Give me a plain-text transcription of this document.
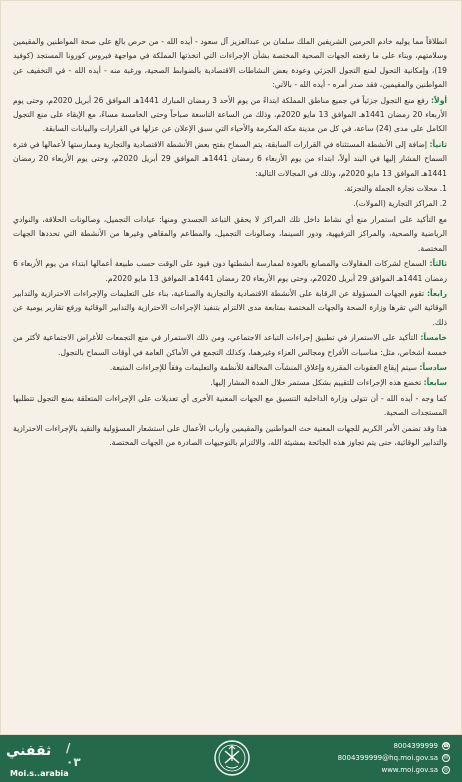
انطلاقاً مما يوليه خادم الحرمين الشريفين الملك سلمان بن عبدالعزيز آل سعود - أيده الله - من حرص بالغ على صحة المواطنين والمقيمين وسلامتهم، وبناء على ما رفعته الجهات الصحية المختصة بشأن الإجراءات التي اتخذتها المملكة في مواجهة فيروس كورونا المستجد (كوفيد 19)، وإمكانية التحول لمنع التجول الجزئي وعودة بعض النشاطات الاقتصادية بالضوابط الصحية، ورغبة منه - أيده الله - في التخفيف عن المواطنين والمقيمين، فقد صدر أمره - أيده الله - بالآتي:

أولاً: رفع منع التجول جزئياً في جميع مناطق المملكة ابتداءً من يوم الأحد 3 رمضان المبارك 1441هـ الموافق 26 أبريل 2020م، وحتى يوم الأربعاء 20 رمضان 1441هـ الموافق 13 مايو 2020م، وذلك من الساعة التاسعة صباحاً وحتى الخامسة مساءً، مع الإبقاء على منع التجول الكامل على مدى (24) ساعة، في كل من مدينة مكة المكرمة والأحياء التي سبق الإعلان عن عزلها في القرارات والبيانات السابقة.

ثانياً: إضافة إلى الأنشطة المستثناة في القرارات السابقة، يتم السماح بفتح بعض الأنشطة الاقتصادية والتجارية وممارستها لأعمالها في فترة السماح المشار إليها في البند أولاً، ابتداء من يوم الأربعاء 6 رمضان 1441هـ الموافق 29 أبريل 2020م، وحتى يوم الأربعاء 20 رمضان 1441هـ الموافق 13 مايو 2020م، وذلك في المجالات التالية:

1. محلات تجارة الجملة والتجزئة.

2. المراكز التجارية (المولات).

مع التأكيد على استمرار منع أي نشاط داخل تلك المراكز لا يحقق التباعد الجسدي ومنها: عيادات التجميل، وصالونات الحلاقة، والنوادي الرياضية والصحية، والمراكز الترفيهية، ودور السينما، وصالونات التجميل، والمطاعم والمقاهي وغيرها من الأنشطة التي تحددها الجهات المختصة.

ثالثاً: السماح لشركات المقاولات والمصانع بالعودة لممارسة أنشطتها دون قيود على الوقت حسب طبيعة أعمالها ابتداء من يوم الأربعاء 6 رمضان 1441هـ الموافق 29 أبريل 2020م، وحتى يوم الأربعاء 20 رمضان 1441هـ الموافق 13 مايو 2020م.

رابعاً: تقوم الجهات المسؤولة عن الرقابة على الأنشطة الاقتصادية والتجارية والصناعية، بناء على التعليمات والإجراءات الاحترازية والتدابير الوقائية التي تقرها وزارة الصحة والجهات المختصة بمتابعة مدى الالتزام بتنفيذ الإجراءات الاحترازية والتدابير الوقائية ورفع تقارير يومية عن ذلك.

خامساً: التأكيد على الاستمرار في تطبيق إجراءات التباعد الاجتماعي، ومن ذلك الاستمرار في منع التجمعات للأغراض الاجتماعية لأكثر من خمسة أشخاص، مثل: مناسبات الأفراح ومجالس العزاء وغيرهما، وكذلك التجمع في الأماكن العامة في أوقات السماح بالتجول.

سادساً: سيتم إيقاع العقوبات المقررة وإغلاق المنشآت المخالفة للأنظمة والتعليمات وفقاً للإجراءات المتبعة.

سابعاً: تخضع هذه الإجراءات للتقييم بشكل مستمر خلال المدة المشار إليها.

كما وجه - أيده الله - أن تتولى وزارة الداخلية التنسيق مع الجهات المعنية الأخرى أي تعديلات على الإجراءات المتعلقة بمنع التجول تتطلبها المستجدات الصحية.

هذا وقد تضمن الأمر الكريم للجهات المعنية حث المواطنين والمقيمين وأرباب الأعمال على استشعار المسؤولية والتقيد بالإجراءات الاحترازية والتدابير الوقائية، حتى يتم تجاوز هذه الجائحة بمشيئة الله، والالتزام بالتوجيهات الصادرة من الجهات المختصة.

8004399999 ☎
8004399999@hq.moi.gov.sa	✉
www.moi.gov.sa	◎
ثقفني /٠٣
Moi.s..arabia
